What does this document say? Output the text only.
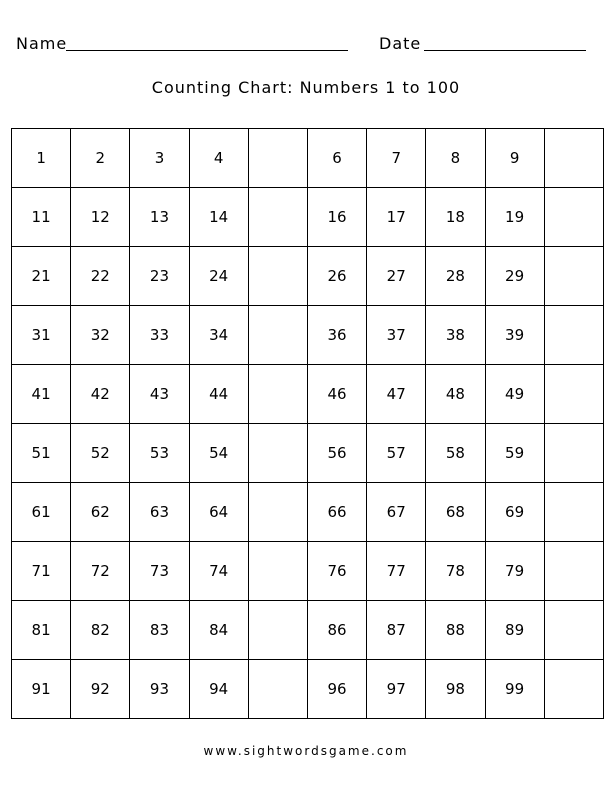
Name	Date
Counting Chart: Numbers 1 to 100
1	2	3	4		6	7	8	9	
11	12	13	14		16	17	18	19	
21	22	23	24		26	27	28	29	
31	32	33	34		36	37	38	39	
41	42	43	44		46	47	48	49	
51	52	53	54		56	57	58	59	
61	62	63	64		66	67	68	69	
71	72	73	74		76	77	78	79	
81	82	83	84		86	87	88	89	
91	92	93	94		96	97	98	99	
www.sightwordsgame.com
